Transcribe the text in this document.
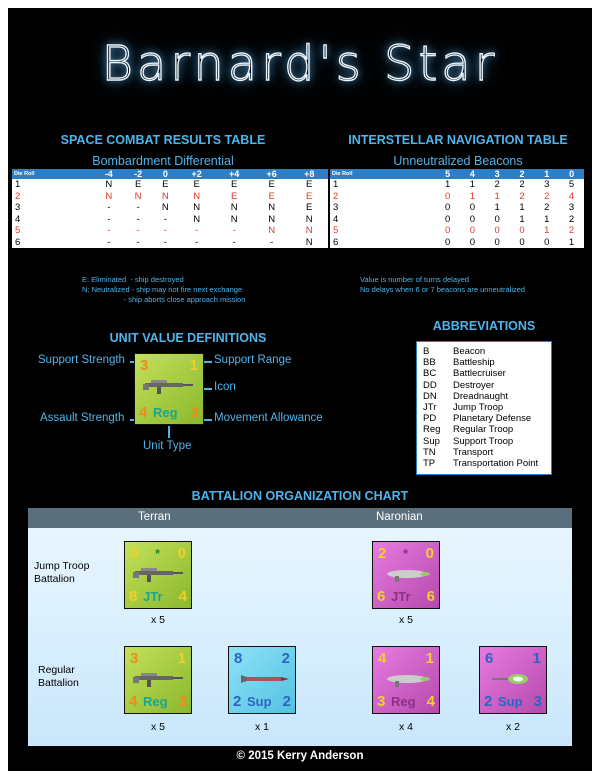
Barnard's Star
SPACE COMBAT RESULTS TABLE
Bombardment Differential
Die Roll	-4	-2	0	+2	+4	+6	+8
1	N	E	E	E	E	E	E
2	N	N	N	N	E	E	E
3	-	-	N	N	N	N	E
4	-	-	-	N	N	N	N
5	-	-	-	-	-	N	N
6	-	-	-	-	-	-	N
E: Eliminated  - ship destroyed
N: Neutralized - ship may not fire next exchange
- ship aborts close approach mission
INTERSTELLAR NAVIGATION TABLE
Unneutralized Beacons
Die Roll	5	4	3	2	1	0
1	1	1	2	2	3	5
2	0	1	1	2	2	4
3	0	0	1	1	2	3
4	0	0	0	1	1	2
5	0	0	0	0	1	2
6	0	0	0	0	0	1
Value is number of turns delayed
No delays when 6 or 7 beacons are unneutralized
UNIT VALUE DEFINITIONS
Support Strength	Support Range
Icon
Assault Strength	Movement Allowance
Unit Type
3	1
4 Reg 3
ABBREVIATIONS
B	Beacon
BB	Battleship
BC	Battlecruiser
DD	Destroyer
DN	Dreadnaught
JTr	Jump Troop
PD	Planetary Defense
Reg	Regular Troop
Sup	Support Troop
TN	Transport
TP	Transportation Point
BATTALION ORGANIZATION CHART
Terran	Naronian
Jump Troop
Battalion
Regular
Battalion
0 * 0
8 JTr 4
x 5
2 * 0
6 JTr 6
x 5
3	1
4 Reg 3
x 5
8	2
2 Sup 2
x 1
4	1
3 Reg 4
x 4
6	1
2 Sup 3
x 2
© 2015 Kerry Anderson
